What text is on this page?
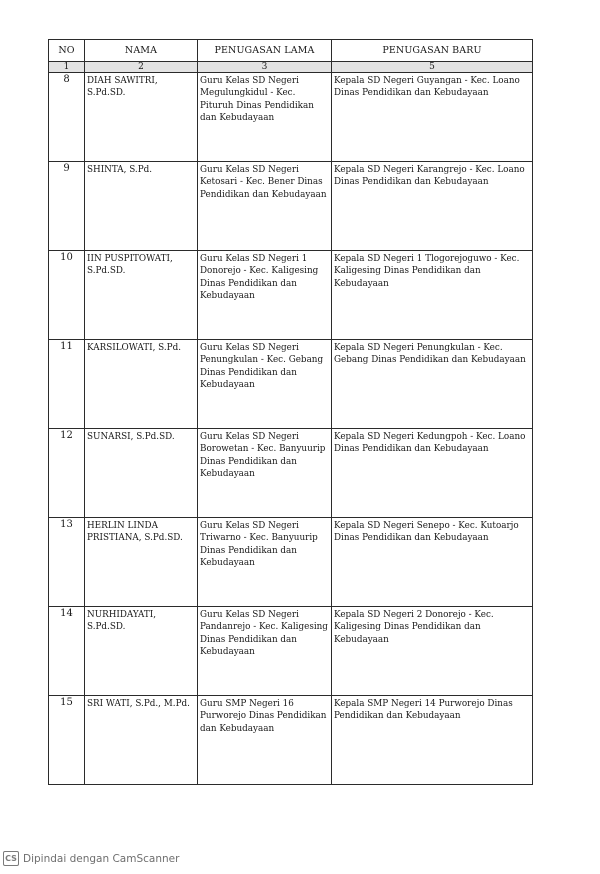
NO	NAMA	PENUGASAN LAMA	PENUGASAN BARU
1	2	3	5
8	DIAH SAWITRI, S.Pd.SD.	Guru Kelas SD Negeri Megulungkidul - Kec. Pituruh Dinas Pendidikan dan Kebudayaan	Kepala SD Negeri Guyangan - Kec. Loano Dinas Pendidikan dan Kebudayaan
9	SHINTA, S.Pd.	Guru Kelas SD Negeri Ketosari - Kec. Bener Dinas Pendidikan dan Kebudayaan	Kepala SD Negeri Karangrejo - Kec. Loano Dinas Pendidikan dan Kebudayaan
10	IIN PUSPITOWATI, S.Pd.SD.	Guru Kelas SD Negeri 1 Donorejo - Kec. Kaligesing Dinas Pendidikan dan Kebudayaan	Kepala SD Negeri 1 Tlogorejoguwo - Kec. Kaligesing Dinas Pendidikan dan Kebudayaan
11	KARSILOWATI, S.Pd.	Guru Kelas SD Negeri Penungkulan - Kec. Gebang Dinas Pendidikan dan Kebudayaan	Kepala SD Negeri Penungkulan - Kec. Gebang Dinas Pendidikan dan Kebudayaan
12	SUNARSI, S.Pd.SD.	Guru Kelas SD Negeri Borowetan - Kec. Banyuurip Dinas Pendidikan dan Kebudayaan	Kepala SD Negeri Kedungpoh - Kec. Loano Dinas Pendidikan dan Kebudayaan
13	HERLIN LINDA PRISTIANA, S.Pd.SD.	Guru Kelas SD Negeri Triwarno - Kec. Banyuurip Dinas Pendidikan dan Kebudayaan	Kepala SD Negeri Senepo - Kec. Kutoarjo Dinas Pendidikan dan Kebudayaan
14	NURHIDAYATI, S.Pd.SD.	Guru Kelas SD Negeri Pandanrejo - Kec. Kaligesing Dinas Pendidikan dan Kebudayaan	Kepala SD Negeri 2 Donorejo - Kec. Kaligesing Dinas Pendidikan dan Kebudayaan
15	SRI WATI, S.Pd., M.Pd.	Guru SMP Negeri 16 Purworejo Dinas Pendidikan dan Kebudayaan	Kepala SMP Negeri 14 Purworejo Dinas Pendidikan dan Kebudayaan
CS Dipindai dengan CamScanner
